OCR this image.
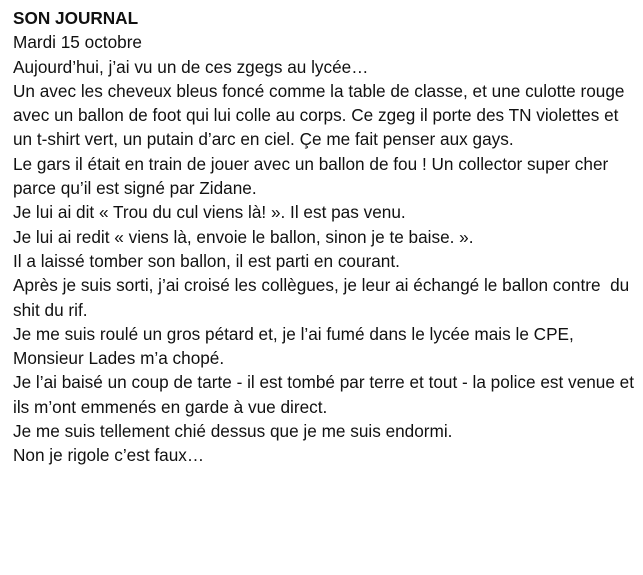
SON JOURNAL
Mardi 15 octobre
Aujourd’hui, j’ai vu un de ces zgegs au lycée…
Un avec les cheveux bleus foncé comme la table de classe, et une culotte rouge avec un ballon de foot qui lui colle au corps. Ce zgeg il porte des TN violettes et un t-shirt vert, un putain d’arc en ciel. Çe me fait penser aux gays.
Le gars il était en train de jouer avec un ballon de fou ! Un collector super cher parce qu’il est signé par Zidane.
Je lui ai dit « Trou du cul viens là! ». Il est pas venu.
Je lui ai redit « viens là, envoie le ballon, sinon je te baise. ».
Il a laissé tomber son ballon, il est parti en courant.
Après je suis sorti, j’ai croisé les collègues, je leur ai échangé le ballon contre  du shit du rif.
Je me suis roulé un gros pétard et, je l’ai fumé dans le lycée mais le CPE, Monsieur Lades m’a chopé.
Je l’ai baisé un coup de tarte - il est tombé par terre et tout - la police est venue et ils m’ont emmenés en garde à vue direct.
Je me suis tellement chié dessus que je me suis endormi.
Non je rigole c’est faux…
